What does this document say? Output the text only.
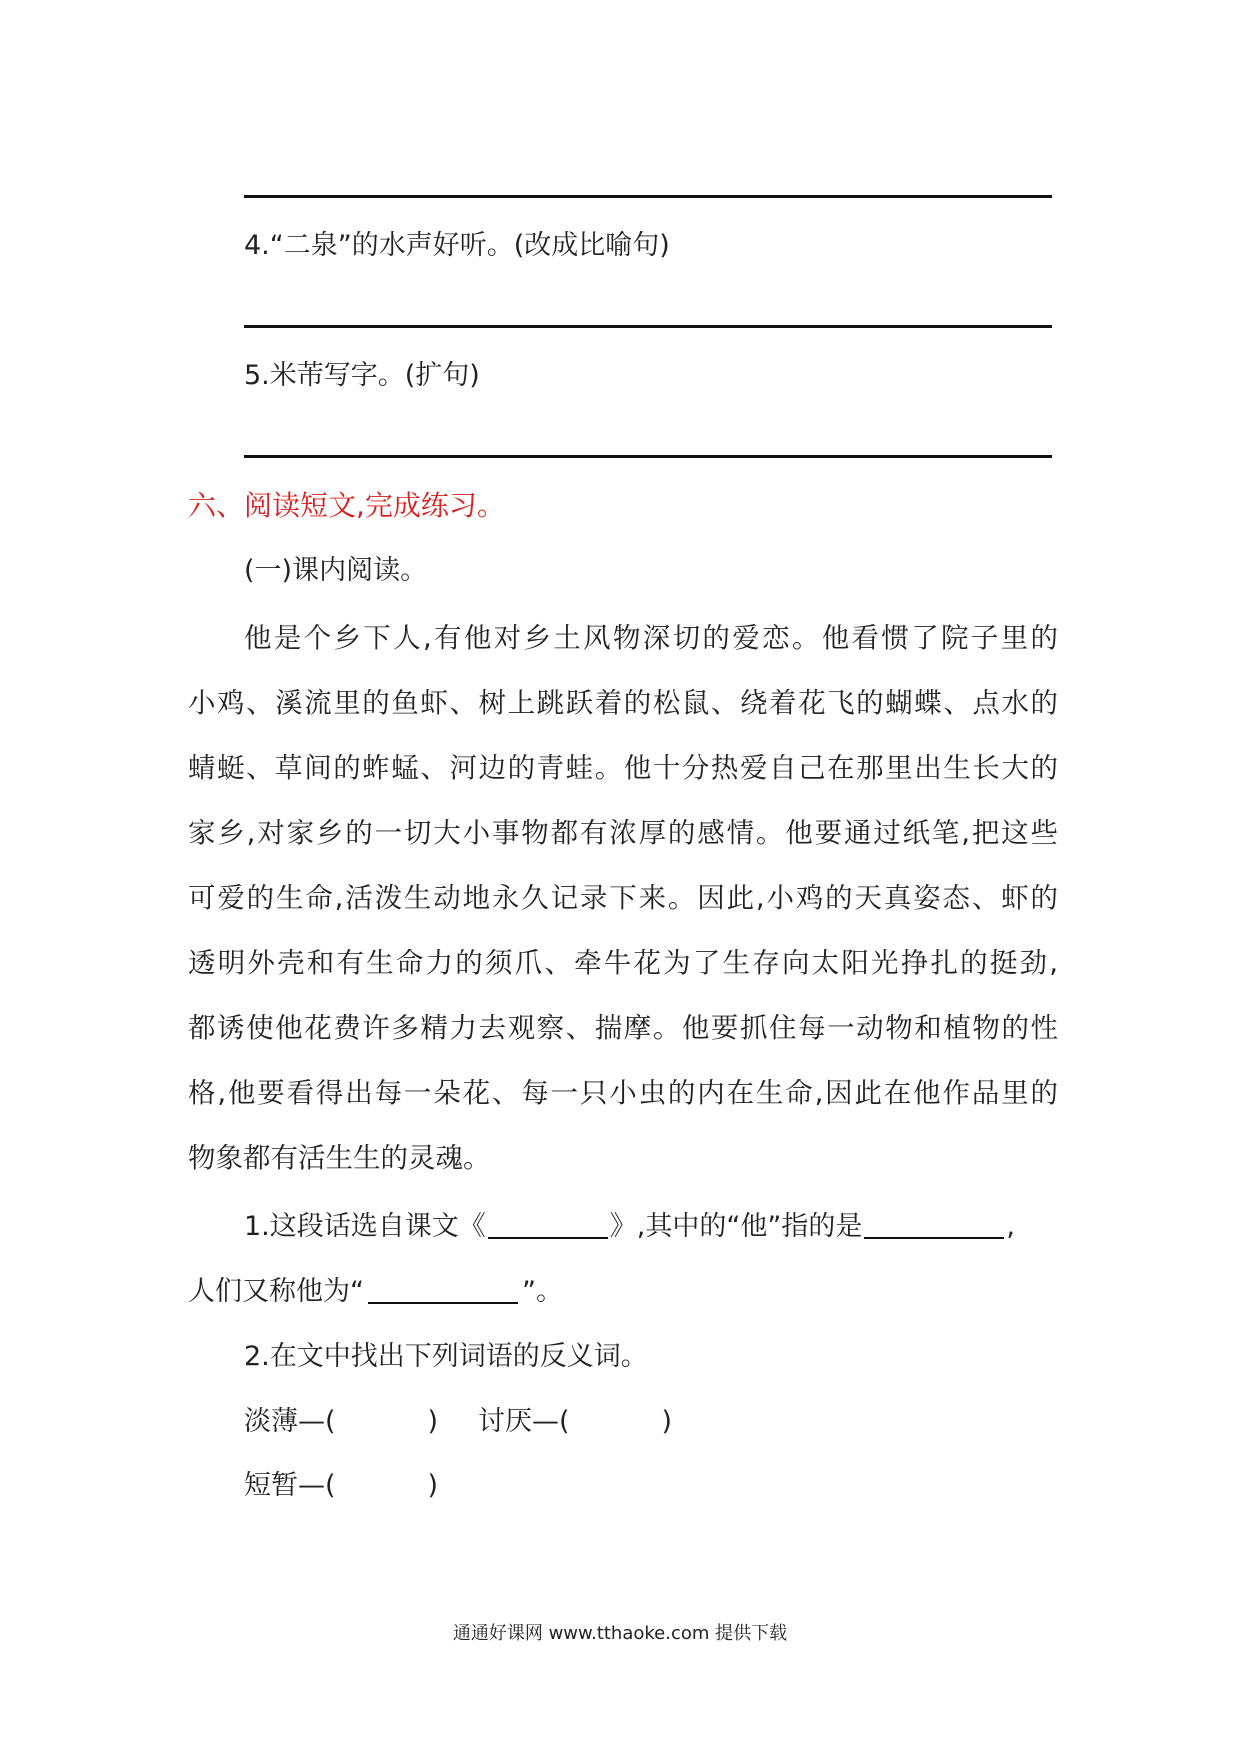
4.“二泉”的水声好听。(改成比喻句)
5.米芾写字。(扩句)
六、阅读短文,完成练习。
(一)课内阅读。
他是个乡下人,有他对乡土风物深切的爱恋。他看惯了院子里的
小鸡、溪流里的鱼虾、树上跳跃着的松鼠、绕着花飞的蝴蝶、点水的
蜻蜓、草间的蚱蜢、河边的青蛙。他十分热爱自己在那里出生长大的
家乡,对家乡的一切大小事物都有浓厚的感情。他要通过纸笔,把这些
可爱的生命,活泼生动地永久记录下来。因此,小鸡的天真姿态、虾的
透明外壳和有生命力的须爪、牵牛花为了生存向太阳光挣扎的挺劲,
都诱使他花费许多精力去观察、揣摩。他要抓住每一动物和植物的性
格,他要看得出每一朵花、每一只小虫的内在生命,因此在他作品里的
物象都有活生生的灵魂。
1.这段话选自课文《	》,其中的“他”指的是	,
人们又称他为“	”。
2.在文中找出下列词语的反义词。
淡薄—(	) 讨厌—(	)
短暂—(	)
通通好课网 www.tthaoke.com 提供下载
